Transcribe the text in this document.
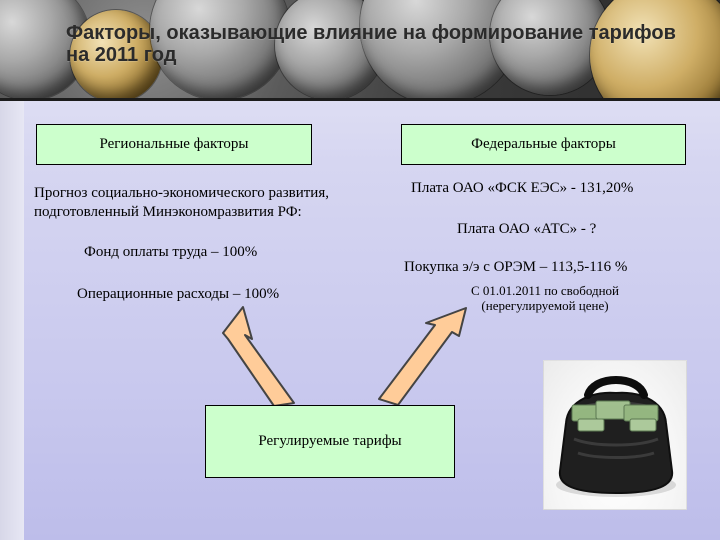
Факторы, оказывающие влияние на формирование тарифов на 2011 год
Региональные факторы	Федеральные факторы
Прогноз социально-экономического развития,
подготовленный Минэкономразвития РФ:
Фонд оплаты труда – 100%
Операционные расходы – 100%
Плата ОАО «ФСК ЕЭС» - 131,20%
Плата ОАО «АТС» - ?
Покупка э/э с ОРЭМ – 113,5-116 %
С 01.01.2011 по свободной
(нерегулируемой цене)
Регулируемые тарифы
